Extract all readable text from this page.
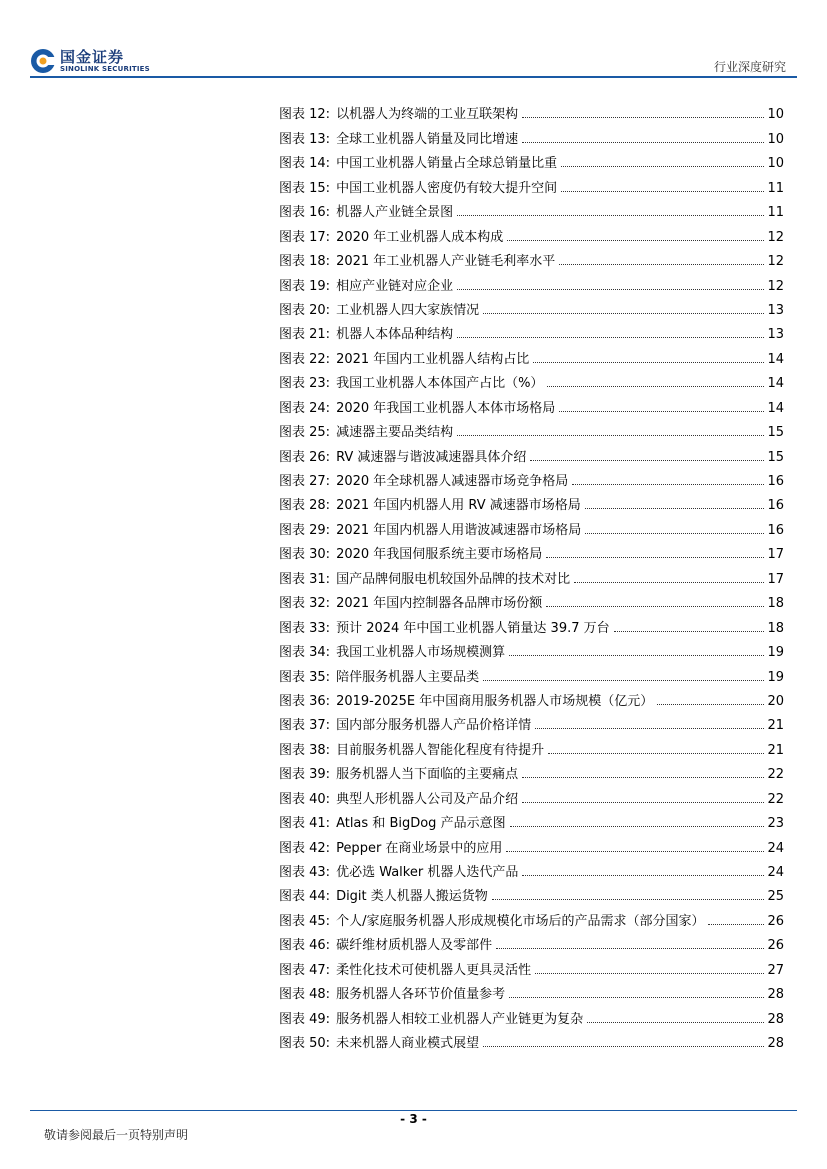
国金证券
SINOLINK SECURITIES	行业深度研究
图表 12: 以机器人为终端的工业互联架构	10
图表 13: 全球工业机器人销量及同比增速	10
图表 14: 中国工业机器人销量占全球总销量比重	10
图表 15: 中国工业机器人密度仍有较大提升空间	11
图表 16: 机器人产业链全景图	11
图表 17: 2020 年工业机器人成本构成	12
图表 18: 2021 年工业机器人产业链毛利率水平	12
图表 19: 相应产业链对应企业	12
图表 20: 工业机器人四大家族情况	13
图表 21: 机器人本体品种结构	13
图表 22: 2021 年国内工业机器人结构占比	14
图表 23: 我国工业机器人本体国产占比（%）	14
图表 24: 2020 年我国工业机器人本体市场格局	14
图表 25: 减速器主要品类结构	15
图表 26: RV 减速器与谐波减速器具体介绍	15
图表 27: 2020 年全球机器人减速器市场竞争格局	16
图表 28: 2021 年国内机器人用 RV 减速器市场格局	16
图表 29: 2021 年国内机器人用谐波减速器市场格局	16
图表 30: 2020 年我国伺服系统主要市场格局	17
图表 31: 国产品牌伺服电机较国外品牌的技术对比	17
图表 32: 2021 年国内控制器各品牌市场份额	18
图表 33: 预计 2024 年中国工业机器人销量达 39.7 万台	18
图表 34: 我国工业机器人市场规模测算	19
图表 35: 陪伴服务机器人主要品类	19
图表 36: 2019-2025E 年中国商用服务机器人市场规模（亿元）	20
图表 37: 国内部分服务机器人产品价格详情	21
图表 38: 目前服务机器人智能化程度有待提升	21
图表 39: 服务机器人当下面临的主要痛点	22
图表 40: 典型人形机器人公司及产品介绍	22
图表 41: Atlas 和 BigDog 产品示意图	23
图表 42: Pepper 在商业场景中的应用	24
图表 43: 优必选 Walker 机器人迭代产品	24
图表 44: Digit 类人机器人搬运货物	25
图表 45: 个人/家庭服务机器人形成规模化市场后的产品需求（部分国家）	26
图表 46: 碳纤维材质机器人及零部件	26
图表 47: 柔性化技术可使机器人更具灵活性	27
图表 48: 服务机器人各环节价值量参考	28
图表 49: 服务机器人相较工业机器人产业链更为复杂	28
图表 50: 未来机器人商业模式展望	28
- 3 -
敬请参阅最后一页特别声明
